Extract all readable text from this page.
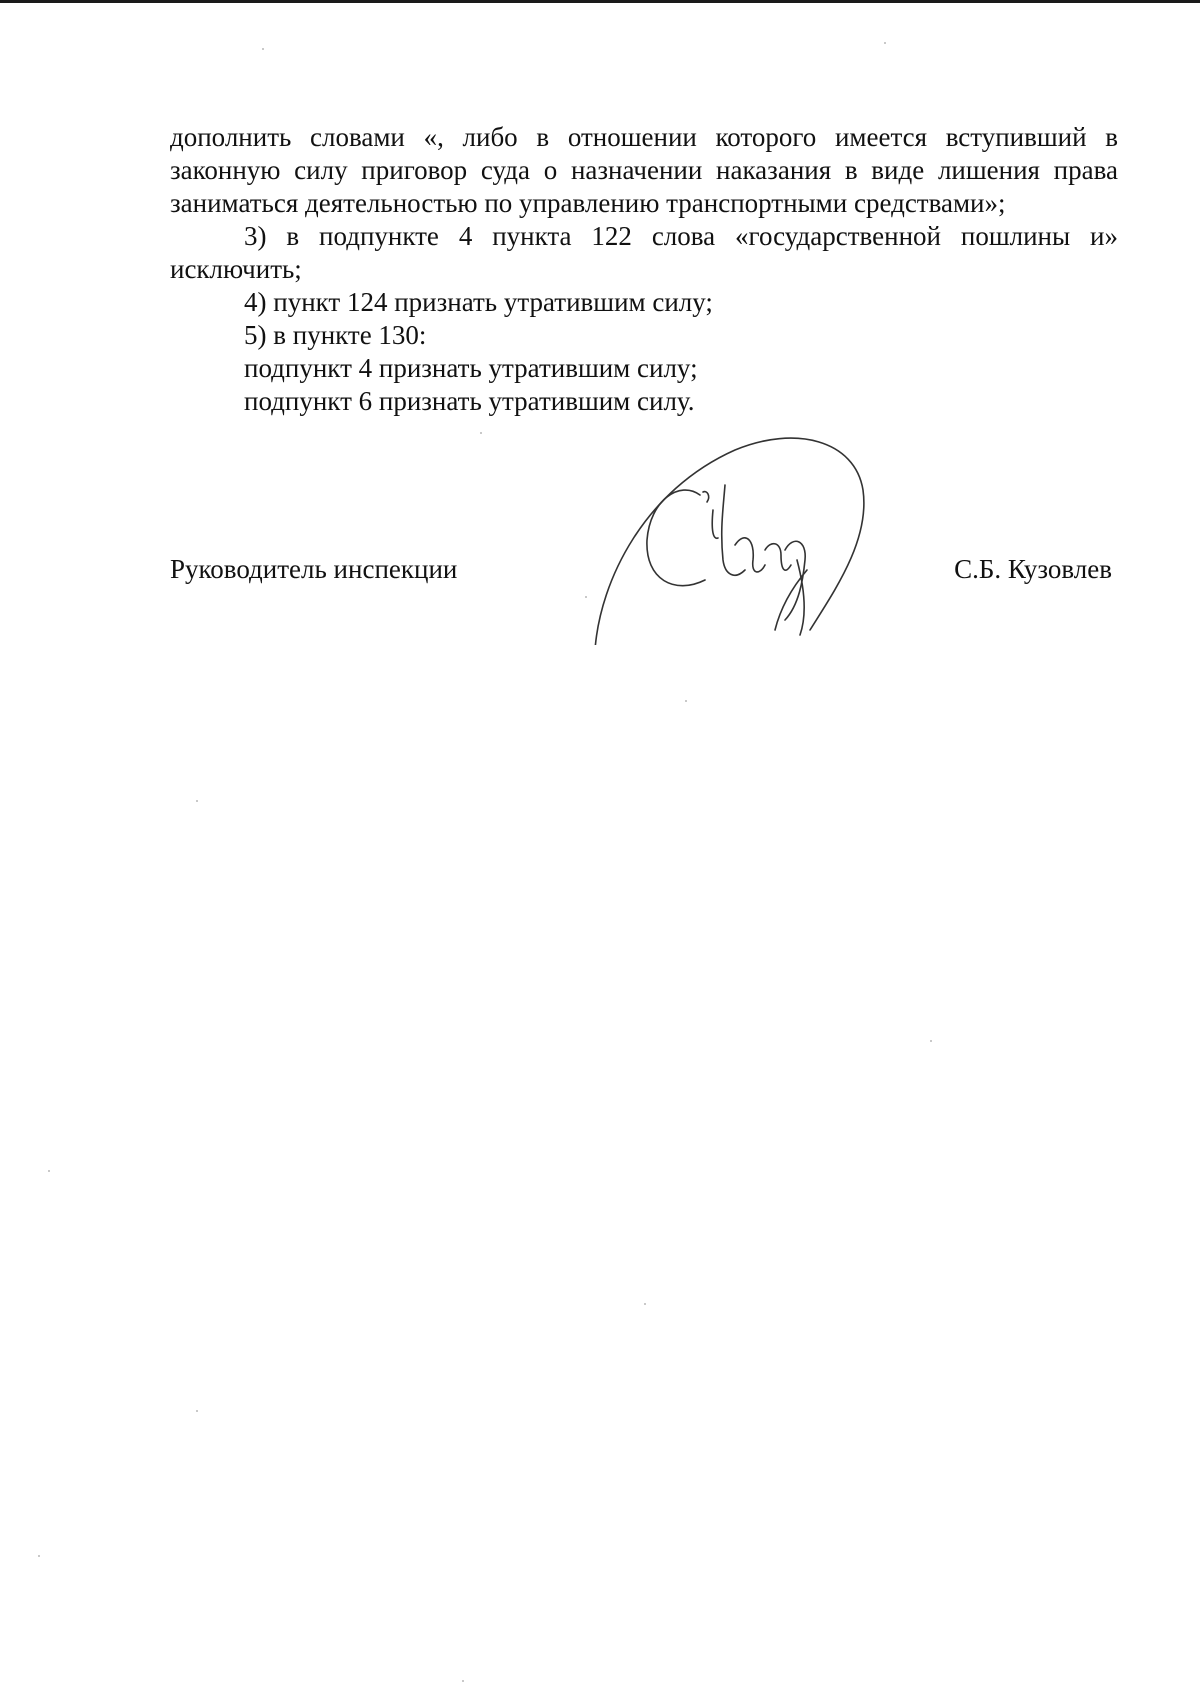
дополнить словами «, либо в отношении которого имеется вступивший в законную силу приговор суда о назначении наказания в виде лишения права заниматься деятельностью по управлению транспортными средствами»;

3) в подпункте 4 пункта 122 слова «государственной пошлины и» исключить;

4) пункт 124 признать утратившим силу;

5) в пункте 130:

подпункт 4 признать утратившим силу;

подпункт 6 признать утратившим силу.

Руководитель инспекции	С.Б. Кузовлев
